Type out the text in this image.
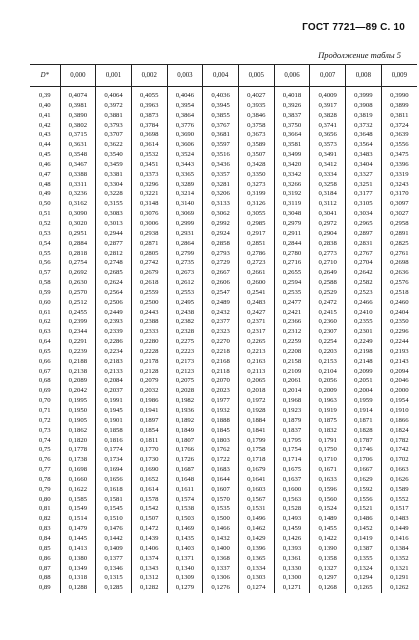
ГОСТ 7721—89 С. 10
Продолжение таблы 5
D*	0,000	0,001	0,002	0,003	0,004	0,005	0,006	0,007	0,008	0,009
0,39	0,4074	0,4064	0,4055	0,4046	0,4036	0,4027	0,4018	0,4009	0,3999	0,3990
0,40	0,3981	0,3972	0,3963	0,3954	0,3945	0,3935	0,3926	0,3917	0,3908	0,3899
0,41	0,3890	0,3881	0,3873	0,3864	0,3855	0,3846	0,3837	0,3828	0,3819	0,3811
0,42	0,3802	0,3793	0,3784	0,3776	0,3767	0,3758	0,3750	0,3741	0,3732	0,3724
0,43	0,3715	0,3707	0,3698	0,3690	0,3681	0,3673	0,3664	0,3656	0,3648	0,3639
0,44	0,3631	0,3622	0,3614	0,3606	0,3597	0,3589	0,3581	0,3573	0,3564	0,3556
0,45	0,3548	0,3540	0,3532	0,3524	0,3516	0,3507	0,3499	0,3491	0,3483	0,3475
0,46	0,3467	0,3459	0,3451	0,3443	0,3436	0,3428	0,3420	0,3412	0,3404	0,3396
0,47	0,3388	0,3381	0,3373	0,3365	0,3357	0,3350	0,3342	0,3334	0,3327	0,3319
0,48	0,3311	0,3304	0,3296	0,3289	0,3281	0,3273	0,3266	0,3258	0,3251	0,3243
0,49	0,3236	0,3228	0,3221	0,3214	0,3206	0,3199	0,3192	0,3184	0,3177	0,3170
0,50	0,3162	0,3155	0,3148	0,3140	0,3133	0,3126	0,3119	0,3112	0,3105	0,3097
0,51	0,3090	0,3083	0,3076	0,3069	0,3062	0,3055	0,3048	0,3041	0,3034	0,3027
0,52	0,3020	0,3013	0,3006	0,2999	0,2992	0,2985	0,2979	0,2972	0,2965	0,2958
0,53	0,2951	0,2944	0,2938	0,2931	0,2924	0,2917	0,2911	0,2904	0,2897	0,2891
0,54	0,2884	0,2877	0,2871	0,2864	0,2858	0,2851	0,2844	0,2838	0,2831	0,2825
0,55	0,2818	0,2812	0,2805	0,2799	0,2793	0,2786	0,2780	0,2773	0,2767	0,2761
0,56	0,2754	0,2748	0,2742	0,2735	0,2729	0,2723	0,2716	0,2710	0,2704	0,2698
0,57	0,2692	0,2685	0,2679	0,2673	0,2667	0,2661	0,2655	0,2649	0,2642	0,2636
0,58	0,2630	0,2624	0,2618	0,2612	0,2606	0,2600	0,2594	0,2588	0,2582	0,2576
0,59	0,2570	0,2564	0,2559	0,2553	0,2547	0,2541	0,2535	0,2529	0,2523	0,2518
0,60	0,2512	0,2506	0,2500	0,2495	0,2489	0,2483	0,2477	0,2472	0,2466	0,2460
0,61	0,2455	0,2449	0,2443	0,2438	0,2432	0,2427	0,2421	0,2415	0,2410	0,2404
0,62	0,2399	0,2393	0,2388	0,2382	0,2377	0,2371	0,2366	0,2360	0,2355	0,2350
0,63	0,2344	0,2339	0,2333	0,2328	0,2323	0,2317	0,2312	0,2307	0,2301	0,2296
0,64	0,2291	0,2286	0,2280	0,2275	0,2270	0,2265	0,2259	0,2254	0,2249	0,2244
0,65	0,2239	0,2234	0,2228	0,2223	0,2218	0,2213	0,2208	0,2203	0,2198	0,2193
0,66	0,2188	0,2183	0,2178	0,2173	0,2168	0,2163	0,2158	0,2153	0,2148	0,2143
0,67	0,2138	0,2133	0,2128	0,2123	0,2118	0,2113	0,2109	0,2104	0,2099	0,2094
0,68	0,2089	0,2084	0,2079	0,2075	0,2070	0,2065	0,2061	0,2056	0,2051	0,2046
0,69	0,2042	0,2037	0,2032	0,2028	0,2023	0,2018	0,2014	0,2009	0,2004	0,2000
0,70	0,1995	0,1991	0,1986	0,1982	0,1977	0,1972	0,1968	0,1963	0,1959	0,1954
0,71	0,1950	0,1945	0,1941	0,1936	0,1932	0,1928	0,1923	0,1919	0,1914	0,1910
0,72	0,1905	0,1901	0,1897	0,1892	0,1888	0,1884	0,1879	0,1875	0,1871	0,1866
0,73	0,1862	0,1858	0,1854	0,1849	0,1845	0,1841	0,1837	0,1832	0,1828	0,1824
0,74	0,1820	0,1816	0,1811	0,1807	0,1803	0,1799	0,1795	0,1791	0,1787	0,1782
0,75	0,1778	0,1774	0,1770	0,1766	0,1762	0,1758	0,1754	0,1750	0,1746	0,1742
0,76	0,1738	0,1734	0,1730	0,1726	0,1722	0,1718	0,1714	0,1710	0,1706	0,1702
0,77	0,1698	0,1694	0,1690	0,1687	0,1683	0,1679	0,1675	0,1671	0,1667	0,1663
0,78	0,1660	0,1656	0,1652	0,1648	0,1644	0,1641	0,1637	0,1633	0,1629	0,1626
0,79	0,1622	0,1618	0,1614	0,1611	0,1607	0,1603	0,1600	0,1596	0,1592	0,1589
0,80	0,1585	0,1581	0,1578	0,1574	0,1570	0,1567	0,1563	0,1560	0,1556	0,1552
0,81	0,1549	0,1545	0,1542	0,1538	0,1535	0,1531	0,1528	0,1524	0,1521	0,1517
0,82	0,1514	0,1510	0,1507	0,1503	0,1500	0,1496	0,1493	0,1489	0,1486	0,1483
0,83	0,1479	0,1476	0,1472	0,1469	0,1466	0,1462	0,1459	0,1455	0,1452	0,1449
0,84	0,1445	0,1442	0,1439	0,1435	0,1432	0,1429	0,1426	0,1422	0,1419	0,1416
0,85	0,1413	0,1409	0,1406	0,1403	0,1400	0,1396	0,1393	0,1390	0,1387	0,1384
0,86	0,1380	0,1377	0,1374	0,1371	0,1368	0,1365	0,1361	0,1358	0,1355	0,1352
0,87	0,1349	0,1346	0,1343	0,1340	0,1337	0,1334	0,1330	0,1327	0,1324	0,1321
0,88	0,1318	0,1315	0,1312	0,1309	0,1306	0,1303	0,1300	0,1297	0,1294	0,1291
0,89	0,1288	0,1285	0,1282	0,1279	0,1276	0,1274	0,1271	0,1268	0,1265	0,1262
